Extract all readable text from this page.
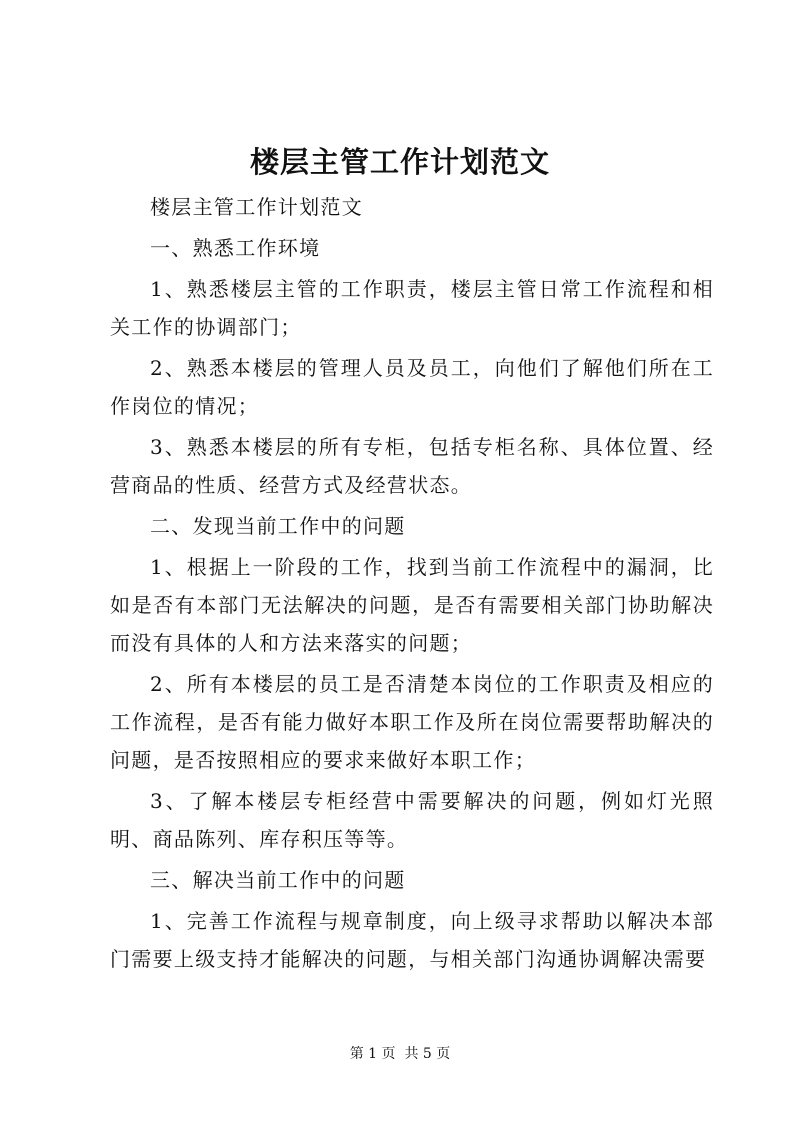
楼层主管工作计划范文

楼层主管工作计划范文

一、熟悉工作环境

1、熟悉楼层主管的工作职责，楼层主管日常工作流程和相关工作的协调部门；

2、熟悉本楼层的管理人员及员工，向他们了解他们所在工作岗位的情况；

3、熟悉本楼层的所有专柜，包括专柜名称、具体位置、经营商品的性质、经营方式及经营状态。

二、发现当前工作中的问题

1、根据上一阶段的工作，找到当前工作流程中的漏洞，比如是否有本部门无法解决的问题，是否有需要相关部门协助解决而没有具体的人和方法来落实的问题；

2、所有本楼层的员工是否清楚本岗位的工作职责及相应的工作流程，是否有能力做好本职工作及所在岗位需要帮助解决的问题，是否按照相应的要求来做好本职工作；

3、了解本楼层专柜经营中需要解决的问题，例如灯光照明、商品陈列、库存积压等等。

三、解决当前工作中的问题

1、完善工作流程与规章制度，向上级寻求帮助以解决本部门需要上级支持才能解决的问题，与相关部门沟通协调解决需要

第 1 页  共 5 页
